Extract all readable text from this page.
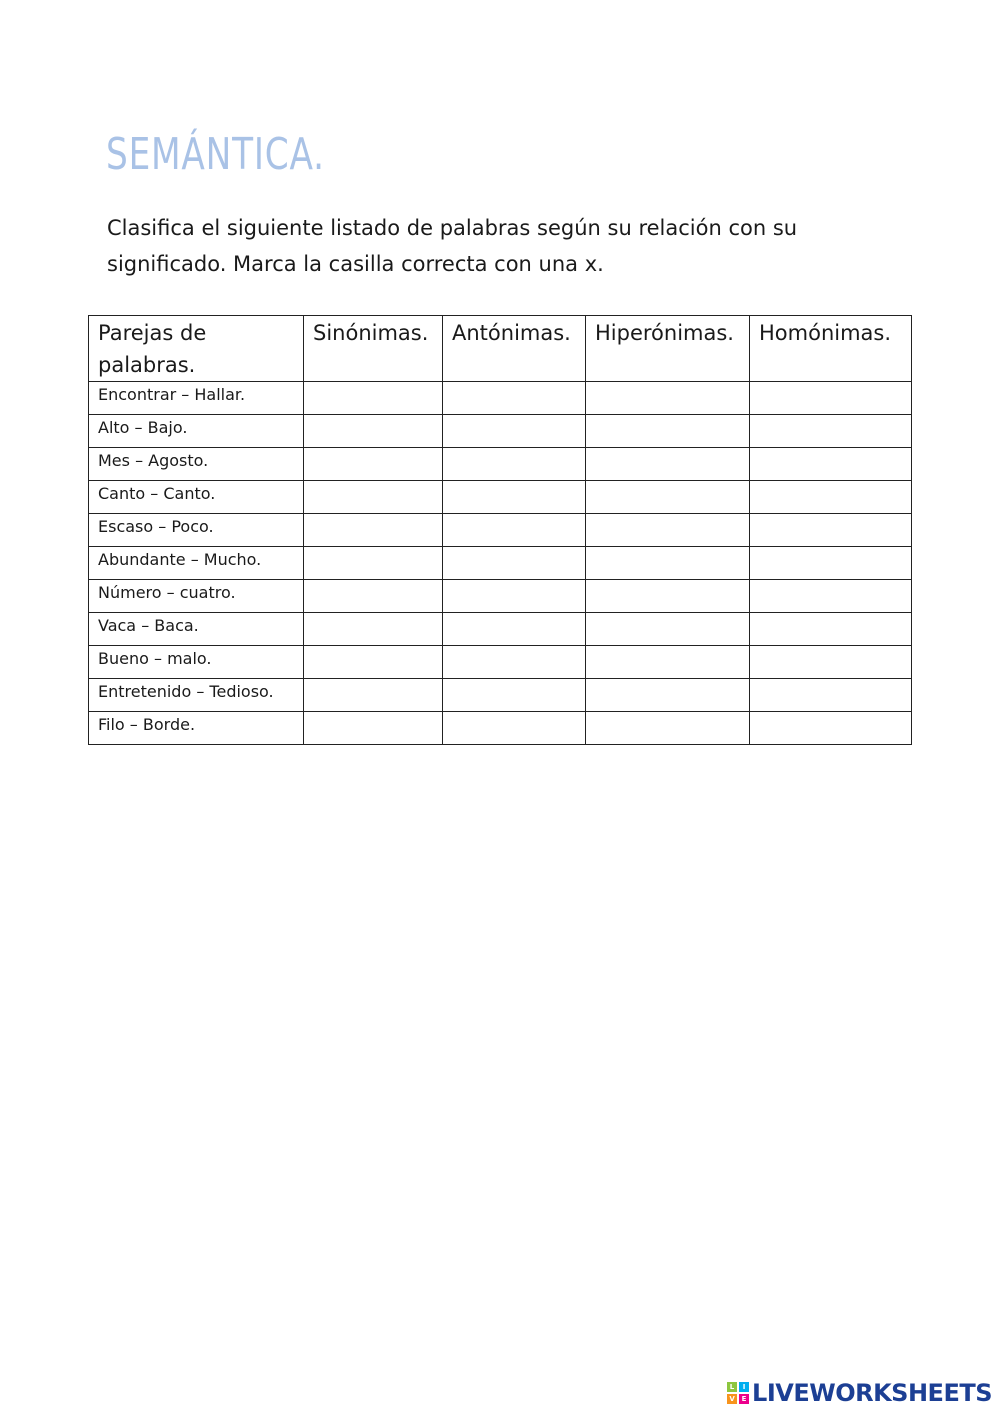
SEMÁNTICA.

Clasifica el siguiente listado de palabras según su relación con su significado. Marca la casilla correcta con una x.

Parejas de palabras.	Sinónimas.	Antónimas.	Hiperónimas.	Homónimas.
Encontrar – Hallar.				
Alto – Bajo.				
Mes – Agosto.				
Canto – Canto.				
Escaso – Poco.				
Abundante – Mucho.				
Número – cuatro.				
Vaca – Baca.				
Bueno – malo.				
Entretenido – Tedioso.				
Filo – Borde.				
L	I
V E LIVEWORKSHEETS
